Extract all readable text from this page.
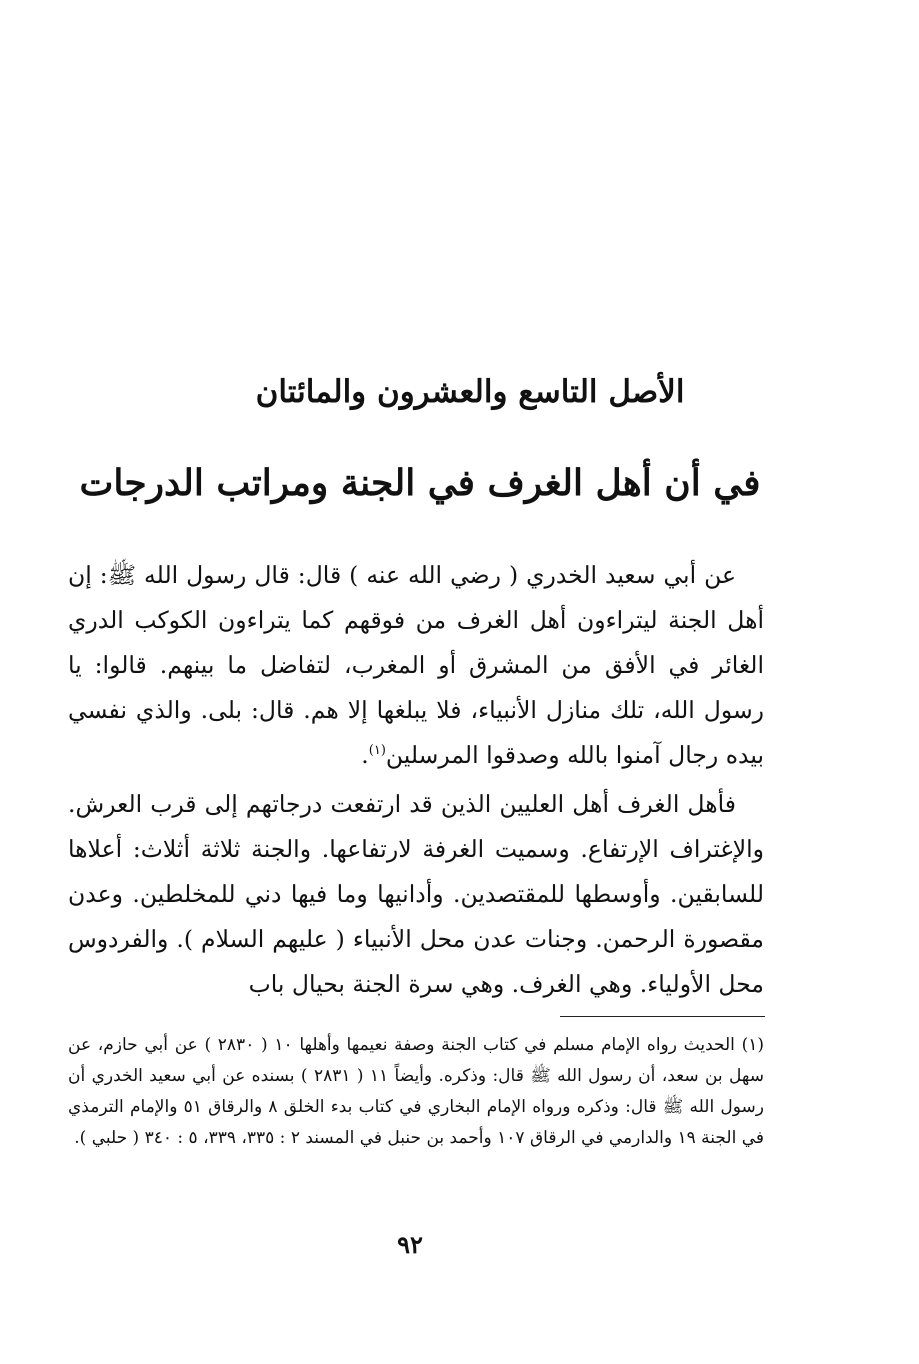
الأصل التاسع والعشرون والمائتان
في أن أهل الغرف في الجنة ومراتب الدرجات

عن أبي سعيد الخدري ( رضي الله عنه ) قال: قال رسول الله ﷺ: إن أهل الجنة ليتراءون أهل الغرف من فوقهم كما يتراءون الكوكب الدري الغائر في الأفق من المشرق أو المغرب، لتفاضل ما بينهم. قالوا: يا رسول الله، تلك منازل الأنبياء، فلا يبلغها إلا هم. قال: بلى. والذي نفسي بيده رجال آمنوا بالله وصدقوا المرسلين$^{(١)}$.

فأهل الغرف أهل العليين الذين قد ارتفعت درجاتهم إلى قرب العرش. والإغتراف الإرتفاع. وسميت الغرفة لارتفاعها. والجنة ثلاثة أثلاث: أعلاها للسابقين. وأوسطها للمقتصدين. وأدانيها وما فيها دني للمخلطين. وعدن مقصورة الرحمن. وجنات عدن محل الأنبياء ( عليهم السلام ). والفردوس محل الأولياء. وهي الغرف. وهي سرة الجنة بحيال باب

(١) الحديث رواه الإمام مسلم في كتاب الجنة وصفة نعيمها وأهلها ١٠ ( ٢٨٣٠ ) عن أبي حازم، عن سهل بن سعد، أن رسول الله ﷺ قال: وذكره. وأيضاً ١١ ( ٢٨٣١ ) بسنده عن أبي سعيد الخدري أن رسول الله ﷺ قال: وذكره ورواه الإمام البخاري في كتاب بدء الخلق ٨ والرقاق ٥١ والإمام الترمذي في الجنة ١٩ والدارمي في الرقاق ١٠٧ وأحمد بن حنبل في المسند ٢ : ٣٣٥، ٣٣٩، ٥ : ٣٤٠ ( حلبي ).

٩٢
